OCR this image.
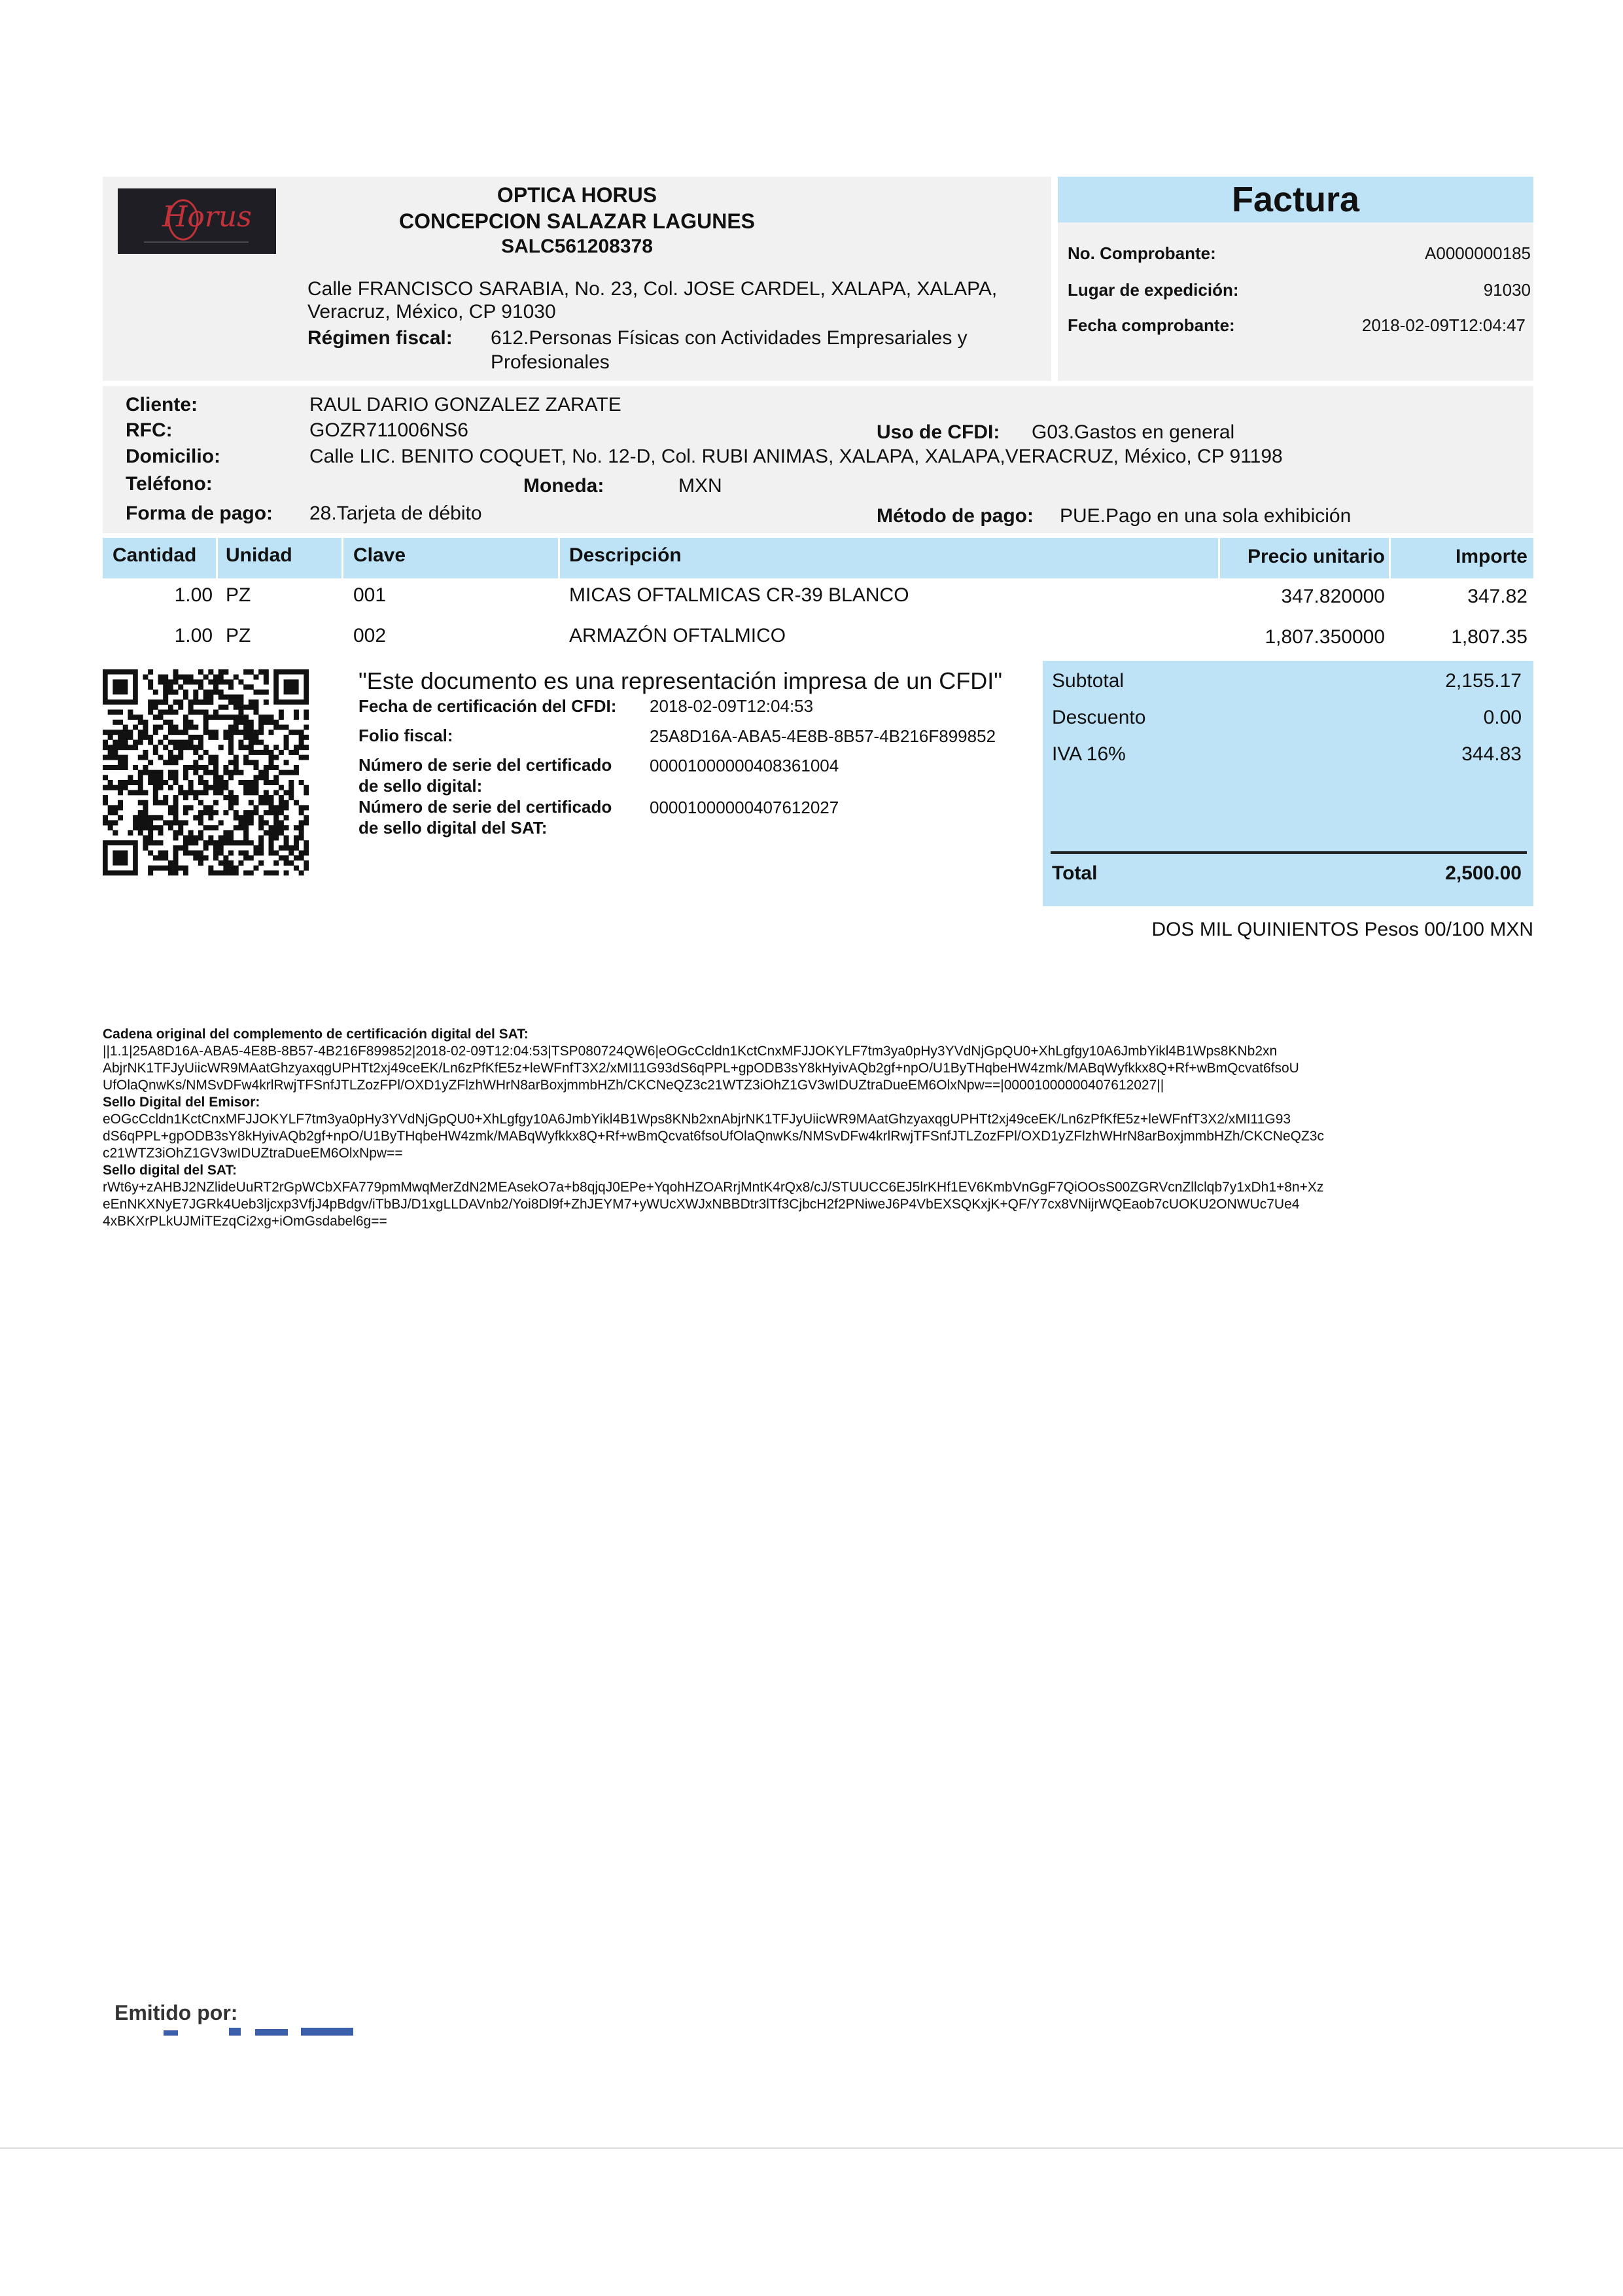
Horus
OPTICA HORUS
CONCEPCION SALAZAR LAGUNES
SALC561208378
Calle FRANCISCO SARABIA, No. 23, Col. JOSE CARDEL, XALAPA, XALAPA,
Veracruz, México, CP 91030
Régimen fiscal: 612.Personas Físicas con Actividades Empresariales y
Profesionales
Factura
No. Comprobante:	A0000000185
Lugar de expedición:	91030
Fecha comprobante:	2018-02-09T12:04:47
Cliente:	RAUL DARIO GONZALEZ ZARATE
RFC:	GOZR711006NS6	Uso de CFDI: G03.Gastos en general
Domicilio:	Calle LIC. BENITO COQUET, No. 12-D, Col. RUBI ANIMAS, XALAPA, XALAPA,VERACRUZ, México, CP 91198
Teléfono:	Moneda:	MXN
Forma de pago: 28.Tarjeta de débito	Método de pago: PUE.Pago en una sola exhibición
Cantidad Unidad	Clave	Descripción	Precio unitario	Importe
1.00 PZ	001	MICAS OFTALMICAS CR-39 BLANCO	347.820000	347.82
1.00 PZ	002	ARMAZÓN OFTALMICO	1,807.350000	1,807.35
"Este documento es una representación impresa de un CFDI"
Fecha de certificación del CFDI: 2018-02-09T12:04:53
Folio fiscal:	25A8D16A-ABA5-4E8B-8B57-4B216F899852
Número de serie del certificado
de sello digital:
00001000000408361004
Número de serie del certificado
de sello digital del SAT:
00001000000407612027
Subtotal	2,155.17
Descuento	0.00
IVA 16%	344.83
Total	2,500.00
DOS MIL QUINIENTOS Pesos 00/100 MXN
Cadena original del complemento de certificación digital del SAT:
||1.1|25A8D16A-ABA5-4E8B-8B57-4B216F899852|2018-02-09T12:04:53|TSP080724QW6|eOGcCcldn1KctCnxMFJJOKYLF7tm3ya0pHy3YVdNjGpQU0+XhLgfgy10A6JmbYikl4B1Wps8KNb2xn
AbjrNK1TFJyUiicWR9MAatGhzyaxqgUPHTt2xj49ceEK/Ln6zPfKfE5z+leWFnfT3X2/xMI11G93dS6qPPL+gpODB3sY8kHyivAQb2gf+npO/U1ByTHqbeHW4zmk/MABqWyfkkx8Q+Rf+wBmQcvat6fsoU
UfOlaQnwKs/NMSvDFw4krlRwjTFSnfJTLZozFPl/OXD1yZFlzhWHrN8arBoxjmmbHZh/CKCNeQZ3c21WTZ3iOhZ1GV3wIDUZtraDueEM6OlxNpw==|00001000000407612027||
Sello Digital del Emisor:
eOGcCcldn1KctCnxMFJJOKYLF7tm3ya0pHy3YVdNjGpQU0+XhLgfgy10A6JmbYikl4B1Wps8KNb2xnAbjrNK1TFJyUiicWR9MAatGhzyaxqgUPHTt2xj49ceEK/Ln6zPfKfE5z+leWFnfT3X2/xMI11G93
dS6qPPL+gpODB3sY8kHyivAQb2gf+npO/U1ByTHqbeHW4zmk/MABqWyfkkx8Q+Rf+wBmQcvat6fsoUfOlaQnwKs/NMSvDFw4krlRwjTFSnfJTLZozFPl/OXD1yZFlzhWHrN8arBoxjmmbHZh/CKCNeQZ3c
c21WTZ3iOhZ1GV3wIDUZtraDueEM6OlxNpw==
Sello digital del SAT:
rWt6y+zAHBJ2NZlideUuRT2rGpWCbXFA779pmMwqMerZdN2MEAsekO7a+b8qjqJ0EPe+YqohHZOARrjMntK4rQx8/cJ/STUUCC6EJ5lrKHf1EV6KmbVnGgF7QiOOsS00ZGRVcnZllclqb7y1xDh1+8n+Xz
eEnNKXNyE7JGRk4Ueb3ljcxp3VfjJ4pBdgv/iTbBJ/D1xgLLDAVnb2/Yoi8Dl9f+ZhJEYM7+yWUcXWJxNBBDtr3lTf3CjbcH2f2PNiweJ6P4VbEXSQKxjK+QF/Y7cx8VNijrWQEaob7cUOKU2ONWUc7Ue4
4xBKXrPLkUJMiTEzqCi2xg+iOmGsdabel6g==
Emitido por:
